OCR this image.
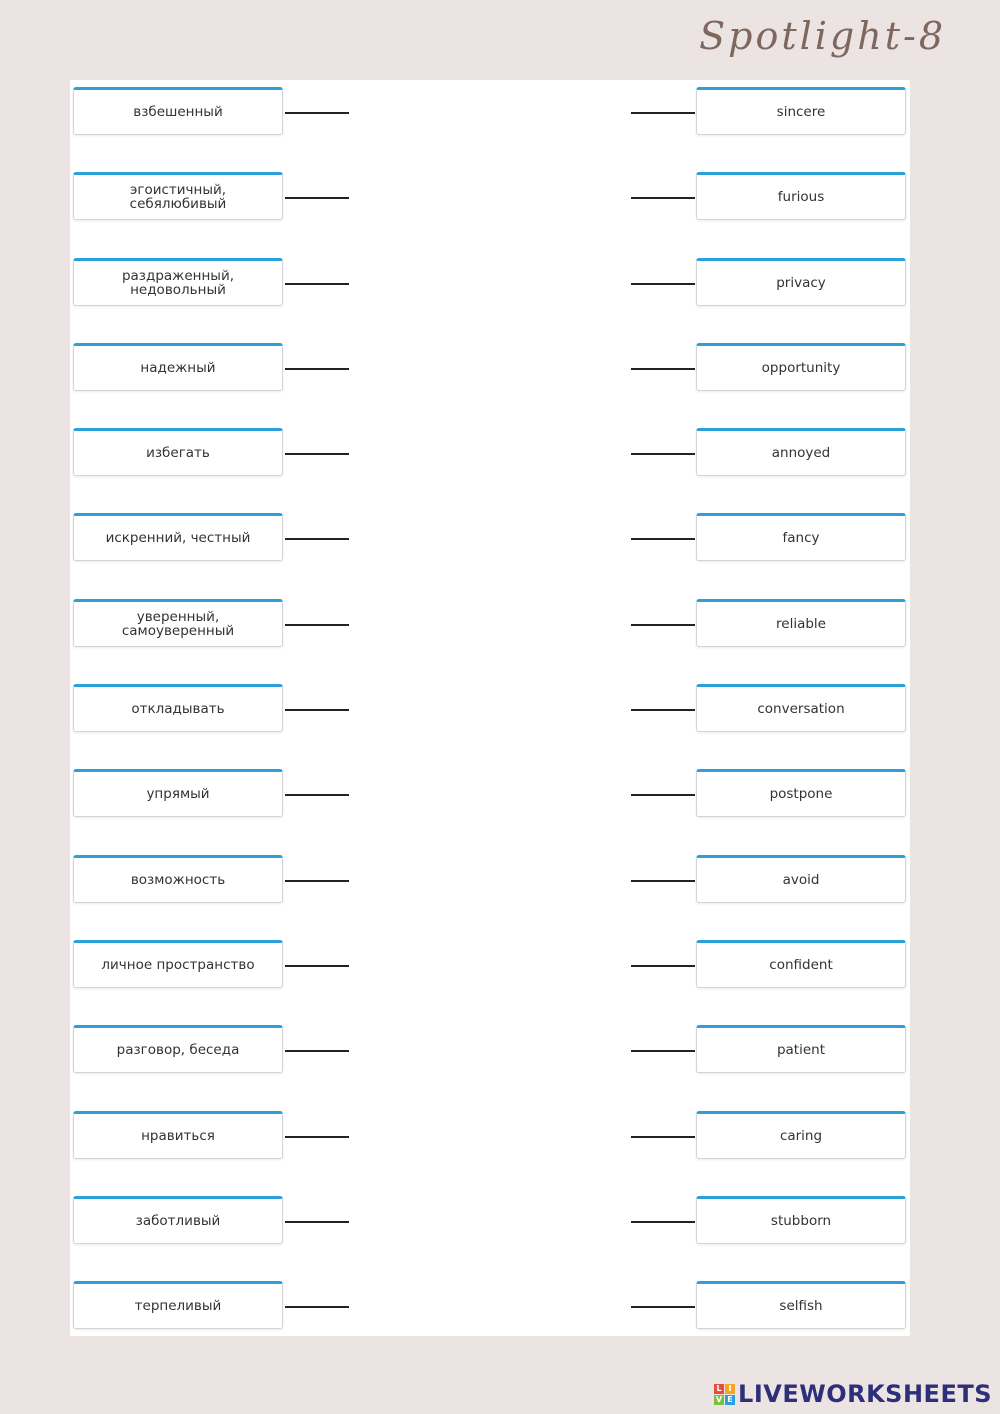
Spotlight-8
взбешенный
эгоистичный, себялюбивый
раздраженный, недовольный
надежный
избегать
искренний, честный
уверенный, самоуверенный
откладывать
упрямый
возможность
личное пространство
разговор, беседа
нравиться
заботливый
терпеливый
sincere
furious
privacy
opportunity
annoyed
fancy
reliable
conversation
postpone
avoid
confident
patient
caring
stubborn
selfish
L I
V E LIVEWORKSHEETS
